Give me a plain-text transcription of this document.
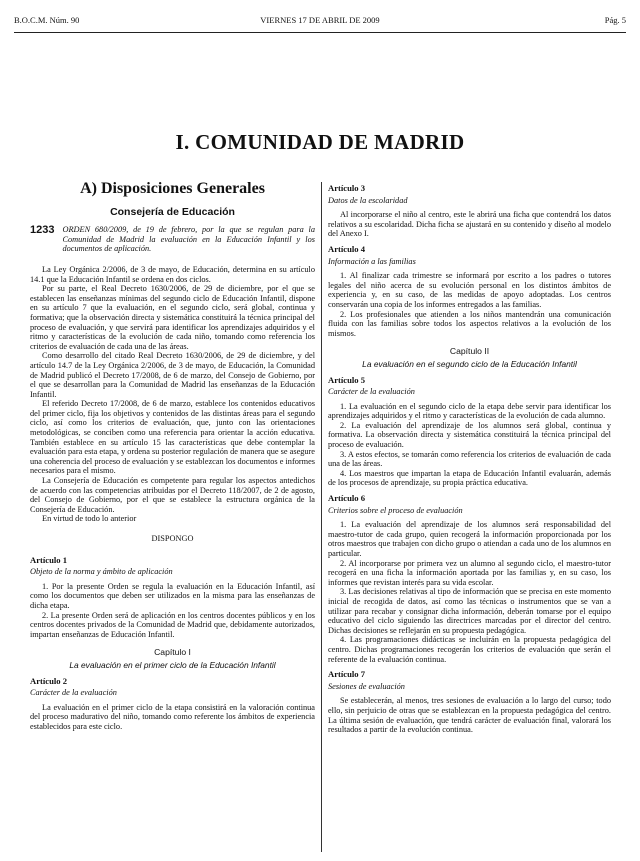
B.O.C.M. Núm. 90	VIERNES 17 DE ABRIL DE 2009	Pág. 5
I. COMUNIDAD DE MADRID
A) Disposiciones Generales
Consejería de Educación
1233 ORDEN 680/2009, de 19 de febrero, por la que se regulan para la Comunidad de Madrid la evaluación en la Educación Infantil y los documentos de aplicación.

La Ley Orgánica 2/2006, de 3 de mayo, de Educación, determina en su artículo 14.1 que la Educación Infantil se ordena en dos ciclos.

Por su parte, el Real Decreto 1630/2006, de 29 de diciembre, por el que se establecen las enseñanzas mínimas del segundo ciclo de Educación Infantil, dispone en su artículo 7 que la evaluación, en el segundo ciclo, será global, continua y formativa; que la observación directa y sistemática constituirá la técnica principal del proceso de evaluación, y que servirá para identificar los aprendizajes adquiridos y el ritmo y características de la evolución de cada niño, tomando como referencia los criterios de evaluación de cada una de las áreas.

Como desarrollo del citado Real Decreto 1630/2006, de 29 de diciembre, y del artículo 14.7 de la Ley Orgánica 2/2006, de 3 de mayo, de Educación, la Comunidad de Madrid publicó el Decreto 17/2008, de 6 de marzo, del Consejo de Gobierno, por el que se desarrollan para la Comunidad de Madrid las enseñanzas de la Educación Infantil.

El referido Decreto 17/2008, de 6 de marzo, establece los contenidos educativos del primer ciclo, fija los objetivos y contenidos de las distintas áreas para el segundo ciclo, así como los criterios de evaluación, que, junto con las orientaciones metodológicas, se conciben como una referencia para orientar la acción educativa. También establece en su artículo 15 las características que debe contemplar la evaluación para esta etapa, y ordena su posterior regulación de manera que se asegure una coherencia del proceso de evaluación y se establezcan los documentos e informes necesarios para el mismo.

La Consejería de Educación es competente para regular los aspectos antedichos de acuerdo con las competencias atribuidas por el Decreto 118/2007, de 2 de agosto, del Consejo de Gobierno, por el que se establece la estructura orgánica de la Consejería de Educación.

En virtud de todo lo anterior

DISPONGO

Artículo 1

Objeto de la norma y ámbito de aplicación

1. Por la presente Orden se regula la evaluación en la Educación Infantil, así como los documentos que deben ser utilizados en la misma para las enseñanzas de dicha etapa.

2. La presente Orden será de aplicación en los centros docentes públicos y en los centros docentes privados de la Comunidad de Madrid que, debidamente autorizados, impartan enseñanzas de Educación Infantil.

Capítulo I

La evaluación en el primer ciclo de la Educación Infantil

Artículo 2

Carácter de la evaluación

La evaluación en el primer ciclo de la etapa consistirá en la valoración continua del proceso madurativo del niño, tomando como referente los ámbitos de experiencia establecidos para este ciclo.

Artículo 3

Datos de la escolaridad

Al incorporarse el niño al centro, este le abrirá una ficha que contendrá los datos relativos a su escolaridad. Dicha ficha se ajustará en su contenido y diseño al modelo del Anexo I.

Artículo 4

Información a las familias

1. Al finalizar cada trimestre se informará por escrito a los padres o tutores legales del niño acerca de su evolución personal en los distintos ámbitos de experiencia y, en su caso, de las medidas de apoyo adoptadas. Los centros conservarán una copia de los informes entregados a las familias.

2. Los profesionales que atienden a los niños mantendrán una comunicación fluida con las familias sobre todos los aspectos relativos a la evolución de los mismos.

Capítulo II

La evaluación en el segundo ciclo de la Educación Infantil

Artículo 5

Carácter de la evaluación

1. La evaluación en el segundo ciclo de la etapa debe servir para identificar los aprendizajes adquiridos y el ritmo y características de la evolución de cada alumno.

2. La evaluación del aprendizaje de los alumnos será global, continua y formativa. La observación directa y sistemática constituirá la técnica principal del proceso de evaluación.

3. A estos efectos, se tomarán como referencia los criterios de evaluación de cada una de las áreas.

4. Los maestros que impartan la etapa de Educación Infantil evaluarán, además de los procesos de aprendizaje, su propia práctica educativa.

Artículo 6

Criterios sobre el proceso de evaluación

1. La evaluación del aprendizaje de los alumnos será responsabilidad del maestro-tutor de cada grupo, quien recogerá la información proporcionada por los otros maestros que trabajen con dicho grupo o atiendan a cada uno de los alumnos en particular.

2. Al incorporarse por primera vez un alumno al segundo ciclo, el maestro-tutor recogerá en una ficha la información aportada por las familias y, en su caso, los informes que revistan interés para su vida escolar.

3. Las decisiones relativas al tipo de información que se precisa en este momento inicial de recogida de datos, así como las técnicas o instrumentos que se van a utilizar para recabar y consignar dicha información, deberán tomarse por el equipo educativo del ciclo siguiendo las directrices marcadas por el director del centro. Dichas decisiones se reflejarán en su propuesta pedagógica.

4. Las programaciones didácticas se incluirán en la propuesta pedagógica del centro. Dichas programaciones recogerán los criterios de evaluación que serán el referente de la evaluación continua.

Artículo 7

Sesiones de evaluación

Se establecerán, al menos, tres sesiones de evaluación a lo largo del curso; todo ello, sin perjuicio de otras que se establezcan en la propuesta pedagógica del centro. La última sesión de evaluación, que tendrá carácter de evaluación final, valorará los resultados a partir de la evolución continua.
